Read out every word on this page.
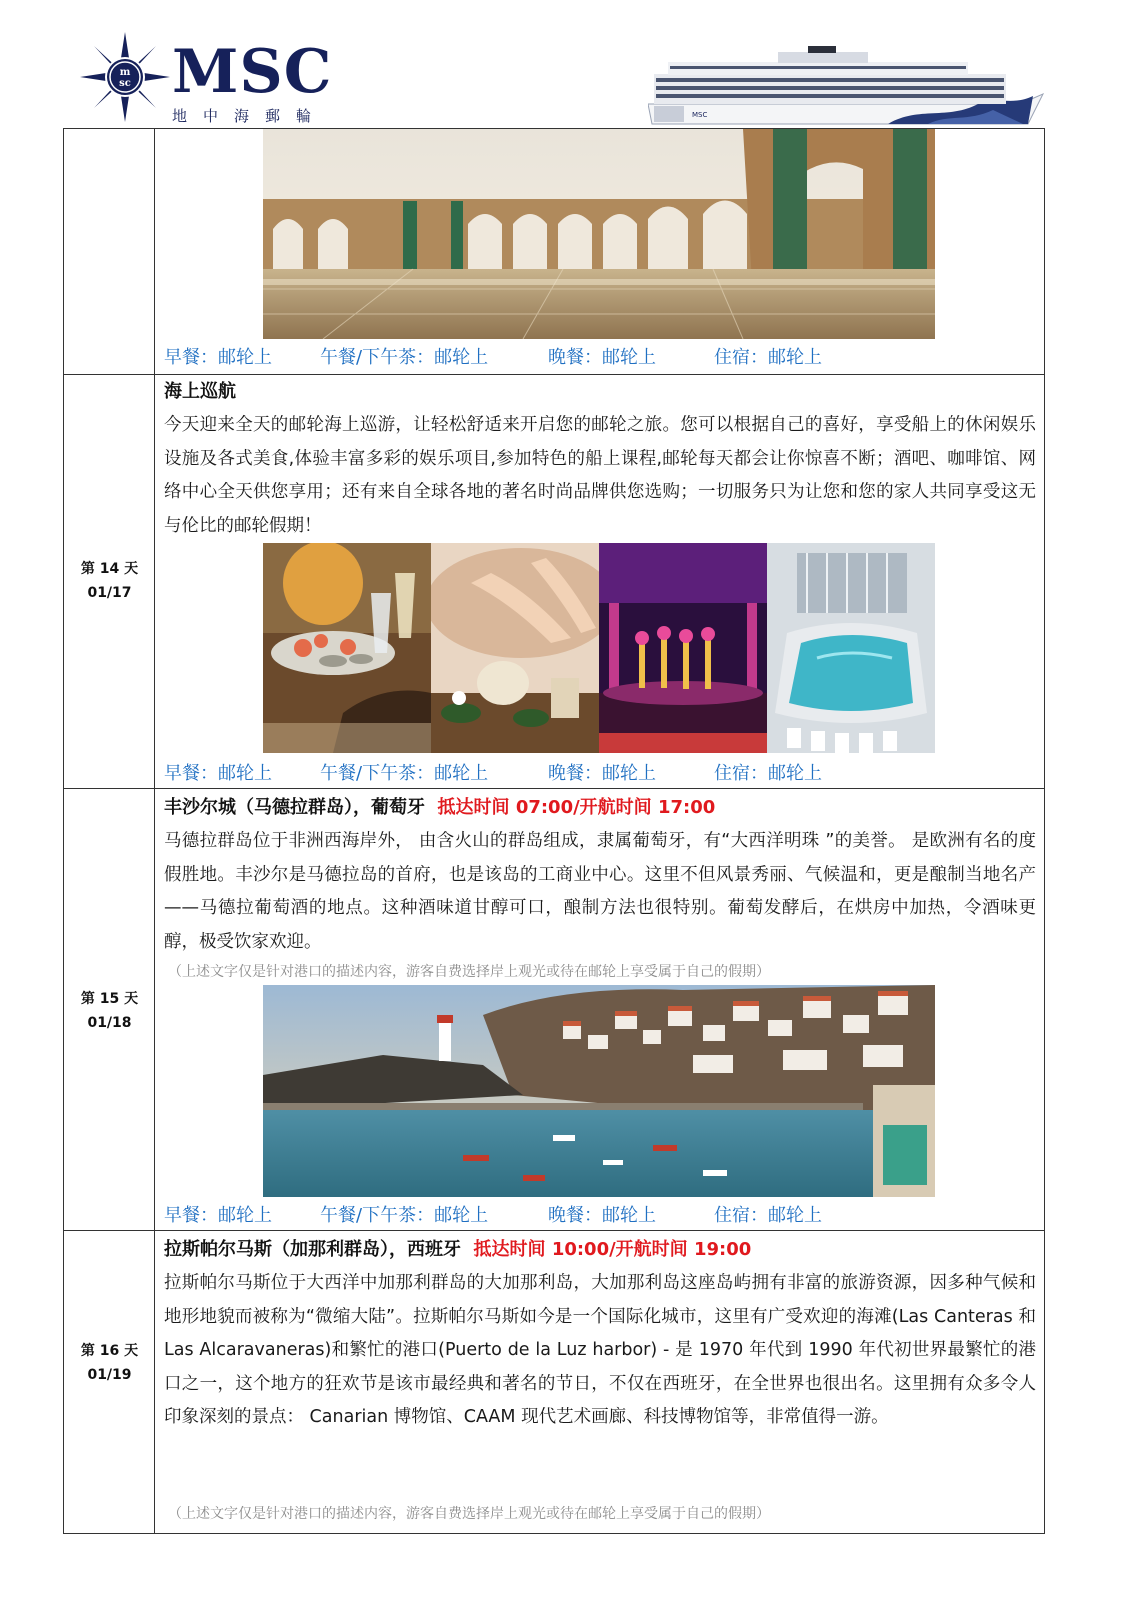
m
sc MSC
地中海郵輪	MSC
早餐：邮轮上	午餐/下午茶：邮轮上	晚餐：邮轮上	住宿：邮轮上
第 14 天
01/17
海上巡航
今天迎来全天的邮轮海上巡游，让轻松舒适来开启您的邮轮之旅。您可以根据自己的喜好，享受船上的休闲娱乐设施及各式美食,体验丰富多彩的娱乐项目,参加特色的船上课程,邮轮每天都会让你惊喜不断；酒吧、咖啡馆、网络中心全天供您享用；还有来自全球各地的著名时尚品牌供您选购；一切服务只为让您和您的家人共同享受这无与伦比的邮轮假期！
早餐：邮轮上	午餐/下午茶：邮轮上	晚餐：邮轮上	住宿：邮轮上
第 15 天
01/18
丰沙尔城（马德拉群岛），葡萄牙 抵达时间 07:00/开航时间 17:00
马德拉群岛位于非洲西海岸外， 由含火山的群岛组成，隶属葡萄牙，有“大西洋明珠 ”的美誉。 是欧洲有名的度假胜地。丰沙尔是马德拉岛的首府，也是该岛的工商业中心。这里不但风景秀丽、气候温和，更是酿制当地名产——马德拉葡萄酒的地点。这种酒味道甘醇可口，酿制方法也很特别。葡萄发酵后，在烘房中加热，令酒味更醇，极受饮家欢迎。
（上述文字仅是针对港口的描述内容，游客自费选择岸上观光或待在邮轮上享受属于自己的假期）
早餐：邮轮上	午餐/下午茶：邮轮上	晚餐：邮轮上	住宿：邮轮上
第 16 天
01/19
拉斯帕尔马斯（加那利群岛），西班牙 抵达时间 10:00/开航时间 19:00
拉斯帕尔马斯位于大西洋中加那利群岛的大加那利岛，大加那利岛这座岛屿拥有非富的旅游资源，因多种气候和地形地貌而被称为“微缩大陆”。拉斯帕尔马斯如今是一个国际化城市，这里有广受欢迎的海滩(Las Canteras 和 Las Alcaravaneras)和繁忙的港口(Puerto de la Luz harbor) - 是 1970 年代到 1990 年代初世界最繁忙的港口之一，这个地方的狂欢节是该市最经典和著名的节日，不仅在西班牙，在全世界也很出名。这里拥有众多令人印象深刻的景点： Canarian 博物馆、CAAM 现代艺术画廊、科技博物馆等，非常值得一游。
（上述文字仅是针对港口的描述内容，游客自费选择岸上观光或待在邮轮上享受属于自己的假期）
